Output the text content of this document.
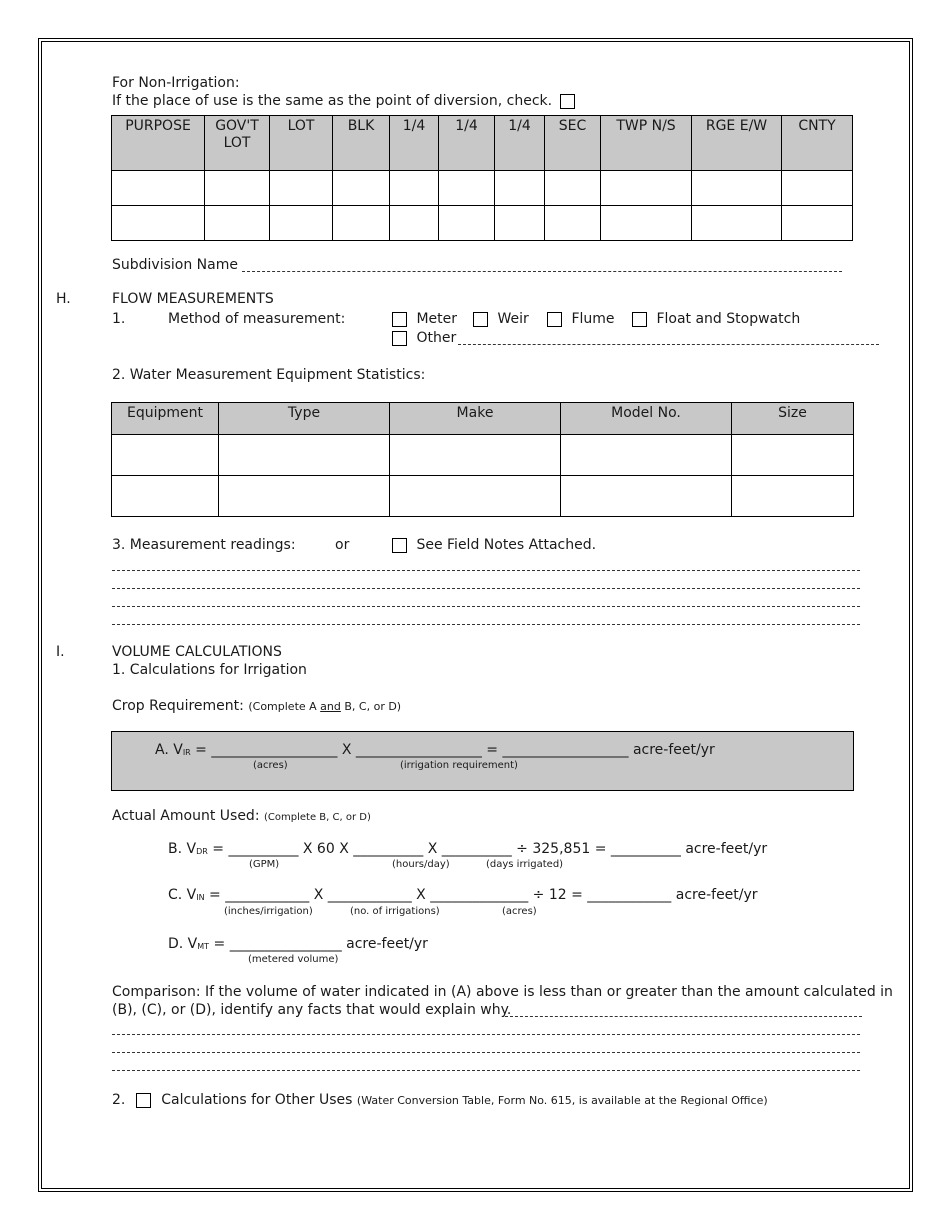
For Non-Irrigation:
If the place of use is the same as the point of diversion, check.
PURPOSE	GOV'T LOT	LOT	BLK	1/4	1/4	1/4	SEC	TWP N/S	RGE E/W	CNTY

Subdivision Name
H.	FLOW MEASUREMENTS
1.	Method of measurement:	Meter	Weir	Flume	Float and Stopwatch
Other
2. Water Measurement Equipment Statistics:
Equipment	Type	Make	Model No.	Size

3. Measurement readings:	or	See Field Notes Attached.
I.	VOLUME CALCULATIONS
1. Calculations for Irrigation
Crop Requirement: (Complete A and B, C, or D)
A. $V_{IR}$ = __________________ X __________________ = __________________ acre-feet/yr
(acres)	(irrigation requirement)
Actual Amount Used: (Complete B, C, or D)
B. $V_{DR}$ = __________ X 60 X __________ X __________ ÷ 325,851 = __________ acre-feet/yr
(GPM)	(hours/day)	(days irrigated)
C. $V_{IN}$ = ____________ X ____________ X ______________ ÷ 12 = ____________ acre-feet/yr
(inches/irrigation)	(no. of irrigations)	(acres)
D. $V_{MT}$ = ________________ acre-feet/yr
(metered volume)
Comparison: If the volume of water indicated in (A) above is less than or greater than the amount calculated in
(B), (C), or (D), identify any facts that would explain why.
2.	Calculations for Other Uses (Water Conversion Table, Form No. 615, is available at the Regional Office)
